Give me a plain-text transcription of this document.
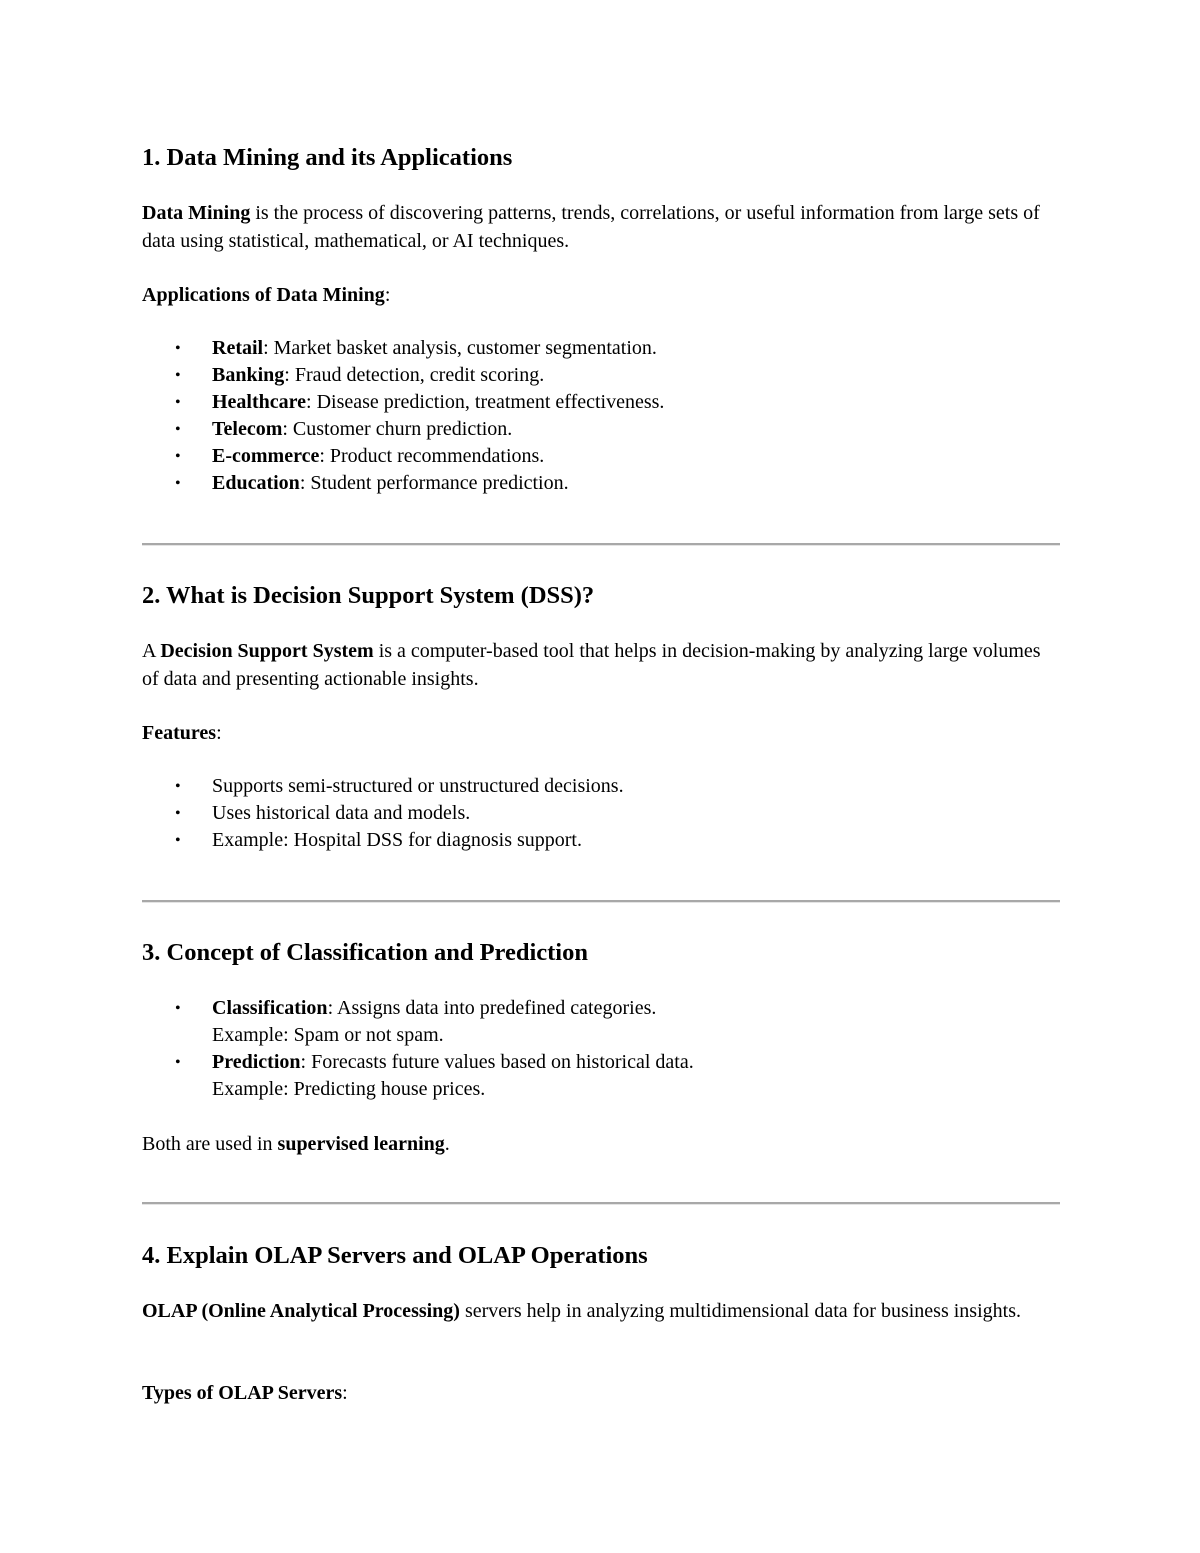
1. Data Mining and its Applications

Data Mining is the process of discovering patterns, trends, correlations, or useful information from large sets of data using statistical, mathematical, or AI techniques.

Applications of Data Mining:

• Retail: Market basket analysis, customer segmentation.
• Banking: Fraud detection, credit scoring.
• Healthcare: Disease prediction, treatment effectiveness.
• Telecom: Customer churn prediction.
• E-commerce: Product recommendations.
• Education: Student performance prediction.
2. What is Decision Support System (DSS)?

A Decision Support System is a computer-based tool that helps in decision-making by analyzing large volumes of data and presenting actionable insights.

Features:

• Supports semi-structured or unstructured decisions.
• Uses historical data and models.
• Example: Hospital DSS for diagnosis support.
3. Concept of Classification and Prediction
• Classification: Assigns data into predefined categories.
Example: Spam or not spam.
• Prediction: Forecasts future values based on historical data.
Example: Predicting house prices.

Both are used in supervised learning.

4. Explain OLAP Servers and OLAP Operations

OLAP (Online Analytical Processing) servers help in analyzing multidimensional data for business insights.

Types of OLAP Servers:
